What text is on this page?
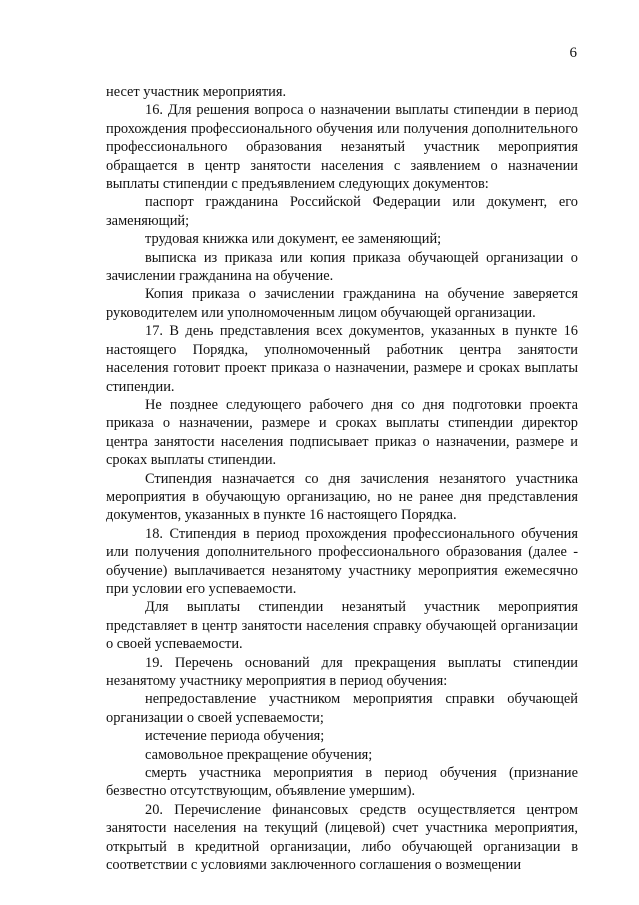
6

несет участник мероприятия.

16. Для решения вопроса о назначении выплаты стипендии в период прохождения профессионального обучения или получения дополнительного профессионального образования незанятый участник мероприятия обращается в центр занятости населения с заявлением о назначении выплаты стипендии с предъявлением следующих документов:

паспорт гражданина Российской Федерации или документ, его заменяющий;

трудовая книжка или документ, ее заменяющий;

выписка из приказа или копия приказа обучающей организации о зачислении гражданина на обучение.

Копия приказа о зачислении гражданина на обучение заверяется руководителем или уполномоченным лицом обучающей организации.

17. В день представления всех документов, указанных в пункте 16 настоящего Порядка, уполномоченный работник центра занятости населения готовит проект приказа о назначении, размере и сроках выплаты стипендии.

Не позднее следующего рабочего дня со дня подготовки проекта приказа о назначении, размере и сроках выплаты стипендии директор центра занятости населения подписывает приказ о назначении, размере и сроках выплаты стипендии.

Стипендия назначается со дня зачисления незанятого участника мероприятия в обучающую организацию, но не ранее дня представления документов, указанных в пункте 16 настоящего Порядка.

18. Стипендия в период прохождения профессионального обучения или получения дополнительного профессионального образования (далее - обучение) выплачивается незанятому участнику мероприятия ежемесячно при условии его успеваемости.

Для выплаты стипендии незанятый участник мероприятия представляет в центр занятости населения справку обучающей организации о своей успеваемости.

19. Перечень оснований для прекращения выплаты стипендии незанятому участнику мероприятия в период обучения:

непредоставление участником мероприятия справки обучающей организации о своей успеваемости;

истечение периода обучения;

самовольное прекращение обучения;

смерть участника мероприятия в период обучения (признание безвестно отсутствующим, объявление умершим).

20. Перечисление финансовых средств осуществляется центром занятости населения на текущий (лицевой) счет участника мероприятия, открытый в кредитной организации, либо обучающей организации в соответствии с условиями заключенного соглашения о возмещении
